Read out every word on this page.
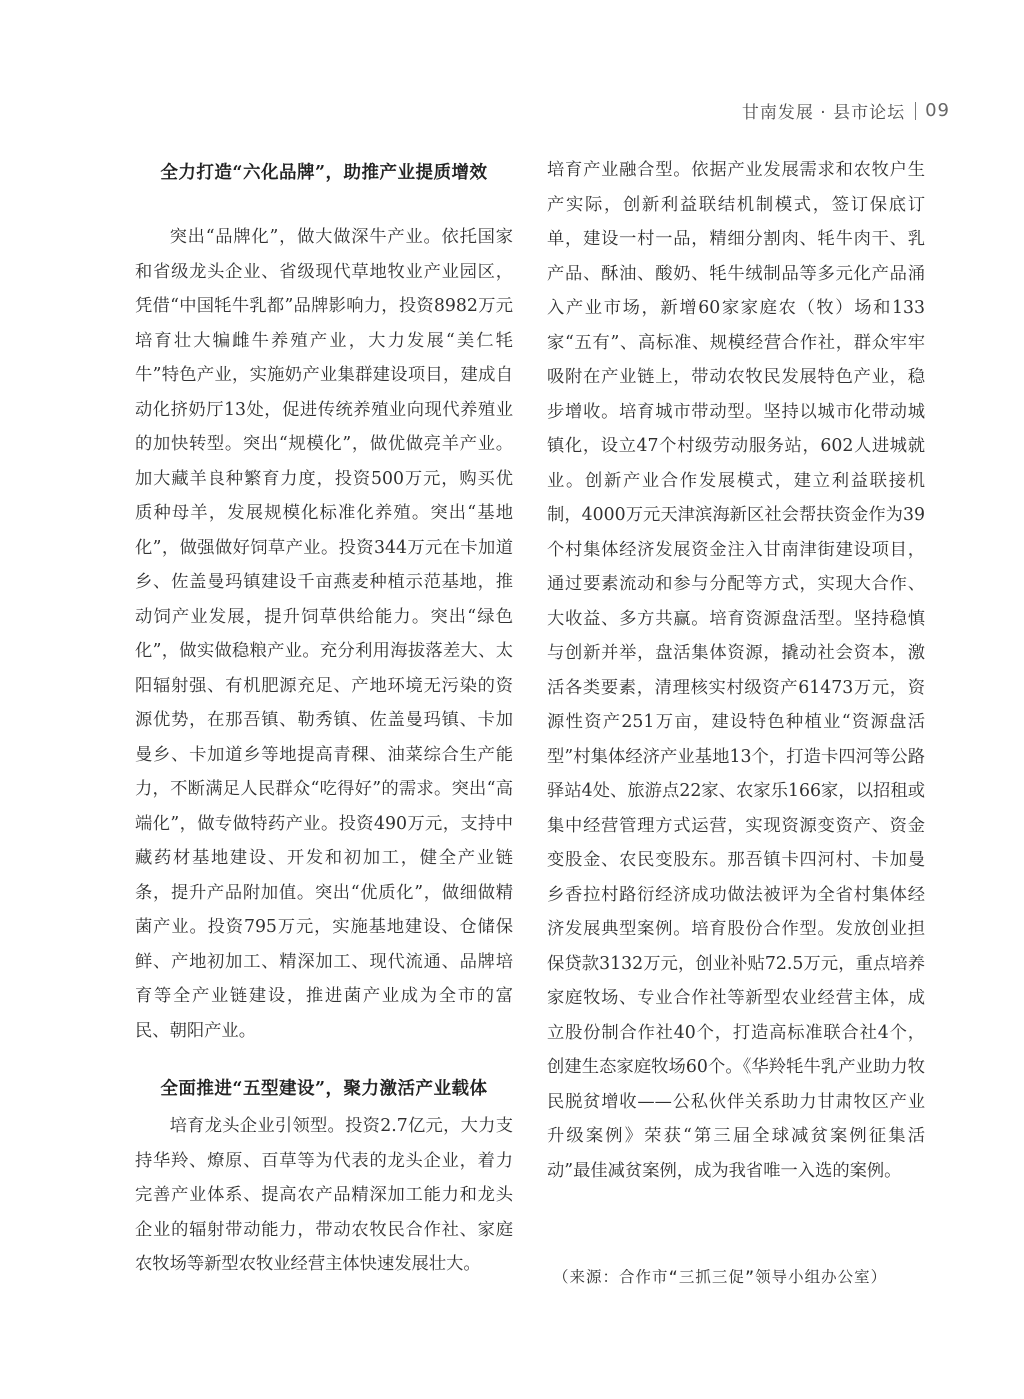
甘南发展 · 县市论坛 09
全力打造“六化品牌”，助推产业提质增效

突出“品牌化”，做大做深牛产业。依托国家和省级龙头企业、省级现代草地牧业产业园区，凭借“中国牦牛乳都”品牌影响力，投资8982万元培育壮大犏雌牛养殖产业，大力发展“美仁牦牛”特色产业，实施奶产业集群建设项目，建成自动化挤奶厅13处，促进传统养殖业向现代养殖业的加快转型。突出“规模化”，做优做亮羊产业。加大藏羊良种繁育力度，投资500万元，购买优质种母羊，发展规模化标准化养殖。突出“基地化”，做强做好饲草产业。投资344万元在卡加道乡、佐盖曼玛镇建设千亩燕麦种植示范基地，推动饲产业发展，提升饲草供给能力。突出“绿色化”，做实做稳粮产业。充分利用海拔落差大、太阳辐射强、有机肥源充足、产地环境无污染的资源优势，在那吾镇、勒秀镇、佐盖曼玛镇、卡加曼乡、卡加道乡等地提高青稞、油菜综合生产能力，不断满足人民群众“吃得好”的需求。突出“高端化”，做专做特药产业。投资490万元，支持中藏药材基地建设、开发和初加工，健全产业链条，提升产品附加值。突出“优质化”，做细做精菌产业。投资795万元，实施基地建设、仓储保鲜、产地初加工、精深加工、现代流通、品牌培育等全产业链建设，推进菌产业成为全市的富民、朝阳产业。

全面推进“五型建设”，聚力激活产业载体

培育龙头企业引领型。投资2.7亿元，大力支持华羚、燎原、百草等为代表的龙头企业，着力完善产业体系、提高农产品精深加工能力和龙头企业的辐射带动能力，带动农牧民合作社、家庭农牧场等新型农牧业经营主体快速发展壮大。

培育产业融合型。依据产业发展需求和农牧户生产实际，创新利益联结机制模式，签订保底订单，建设一村一品，精细分割肉、牦牛肉干、乳产品、酥油、酸奶、牦牛绒制品等多元化产品涌入产业市场，新增60家家庭农（牧）场和133家“五有”、高标准、规模经营合作社，群众牢牢吸附在产业链上，带动农牧民发展特色产业，稳步增收。培育城市带动型。坚持以城市化带动城镇化，设立47个村级劳动服务站，602人进城就业。创新产业合作发展模式，建立利益联接机制，4000万元天津滨海新区社会帮扶资金作为39个村集体经济发展资金注入甘南津街建设项目，通过要素流动和参与分配等方式，实现大合作、大收益、多方共赢。培育资源盘活型。坚持稳慎与创新并举，盘活集体资源，撬动社会资本，激活各类要素，清理核实村级资产61473万元，资源性资产251万亩，建设特色种植业“资源盘活型”村集体经济产业基地13个，打造卡四河等公路驿站4处、旅游点22家、农家乐166家，以招租或集中经营管理方式运营，实现资源变资产、资金变股金、农民变股东。那吾镇卡四河村、卡加曼乡香拉村路衍经济成功做法被评为全省村集体经济发展典型案例。培育股份合作型。发放创业担保贷款3132万元，创业补贴72.5万元，重点培养家庭牧场、专业合作社等新型农业经营主体，成立股份制合作社40个，打造高标准联合社4个，创建生态家庭牧场60个。《华羚牦牛乳产业助力牧民脱贫增收——公私伙伴关系助力甘肃牧区产业升级案例》荣获“第三届全球减贫案例征集活动”最佳减贫案例，成为我省唯一入选的案例。

（来源：合作市“三抓三促”领导小组办公室）
